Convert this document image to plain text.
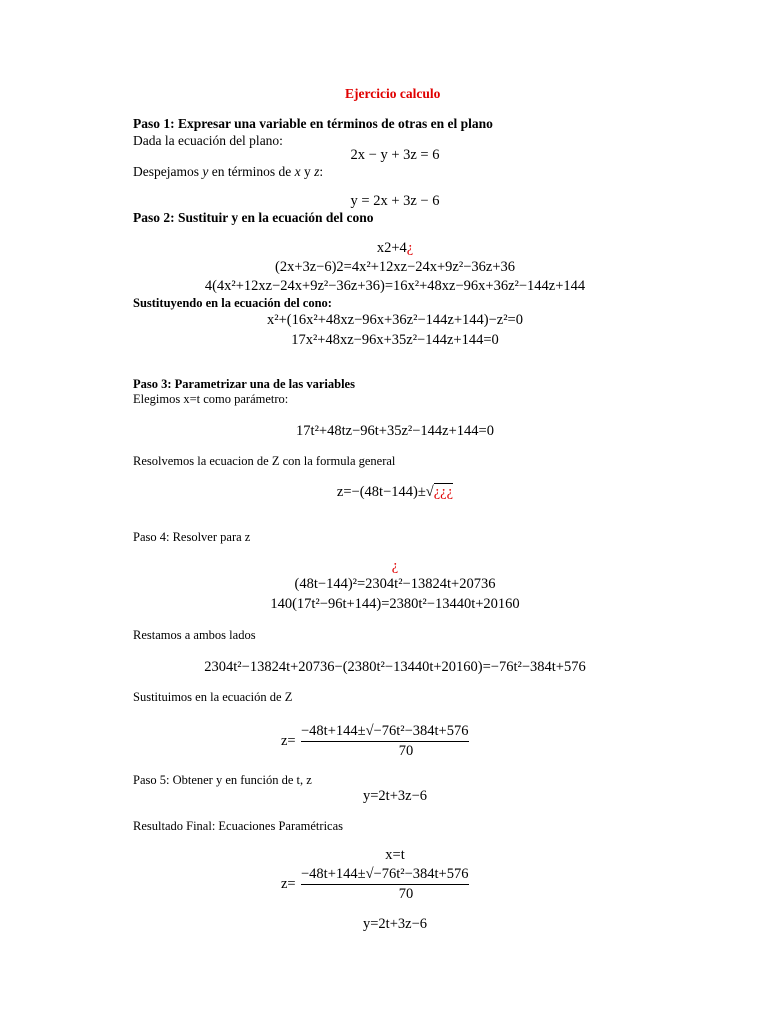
Ejercicio calculo
Paso 1: Expresar una variable en términos de otras en el plano
Dada la ecuación del plano:
2x − y + 3z = 6
Despejamos y en términos de x y z:
y = 2x + 3z − 6
Paso 2: Sustituir y en la ecuación del cono
x2+4¿
(2x+3z−6)2=4x²+12xz−24x+9z²−36z+36
4(4x²+12xz−24x+9z²−36z+36)=16x²+48xz−96x+36z²−144z+144
Sustituyendo en la ecuación del cono:
x²+(16x²+48xz−96x+36z²−144z+144)−z²=0
17x²+48xz−96x+35z²−144z+144=0
Paso 3: Parametrizar una de las variables
Elegimos x=t como parámetro:
17t²+48tz−96t+35z²−144z+144=0
Resolvemos la ecuacion de Z con la formula general
z=−(48t−144)±√¿¿¿
Paso 4: Resolver para z
¿
(48t−144)²=2304t²−13824t+20736
140(17t²−96t+144)=2380t²−13440t+20160
Restamos a ambos lados
2304t²−13824t+20736−(2380t²−13440t+20160)=−76t²−384t+576
Sustituimos en la ecuación de Z
z=
−48t+144±√−76t²−384t+576
70
Paso 5: Obtener y en función de t, z
y=2t+3z−6
Resultado Final: Ecuaciones Paramétricas
x=t
z=
−48t+144±√−76t²−384t+576
70
y=2t+3z−6
